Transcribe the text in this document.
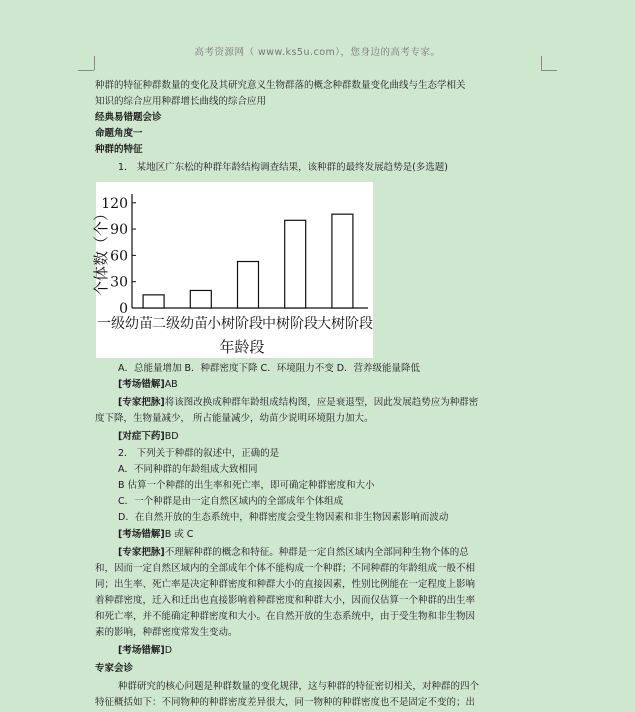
高考资源网（ www.ks5u.com），您身边的高考专家。
种群的特征种群数量的变化及其研究意义生物群落的概念种群数量变化曲线与生态学相关
知识的综合应用种群增长曲线的综合应用
经典易错题会诊
命题角度一
种群的特征
1． 某地区广东松的种群年龄结构调查结果，该种群的最终发展趋势是(多选题)
0
30
60
90
120
个体数（个）
一级幼苗 二级幼苗 小树阶段 中树阶段 大树阶段
年龄段
A．总能量增加 B．种群密度下降 C．环境阻力不变 D．营养级能量降低
[考场错解]AB
[专家把脉]将该图改换成种群年龄组成结构图，应是衰退型，因此发展趋势应为种群密
度下降，生物量减少， 所占能量减少，幼苗少说明环境阻力加大。
[对症下药]BD
2． 下列关于种群的叙述中，正确的是
A．不同种群的年龄组成大致相同
B 估算一个种群的出生率和死亡率，即可确定种群密度和大小
C．一个种群是由一定自然区域内的全部成年个体组成
D．在自然开放的生态系统中，种群密度会受生物因素和非生物因素影响而波动
[考场错解]B 或 C
[专家把脉]不理解种群的概念和特征。种群是一定自然区域内全部同种生物个体的总
和，因而一定自然区域内的全部成年个体不能构成一个种群；不同种群的年龄组成一般不相
同；出生率、死亡率是决定种群密度和种群大小的直接因素，性别比例能在一定程度上影响
着种群密度，迁入和迁出也直接影响着种群密度和种群大小，因而仅估算一个种群的出生率
和死亡率，并不能确定种群密度和大小。在自然开放的生态系统中，由于受生物和非生物因
素的影响，种群密度常发生变动。
[考场错解]D
专家会诊
种群研究的核心问题是种群数量的变化规律，这与种群的特征密切相关，对种群的四个
特征概括如下：不同物种的种群密度差异很大，同一物种的种群密度也不是固定不变的；出
